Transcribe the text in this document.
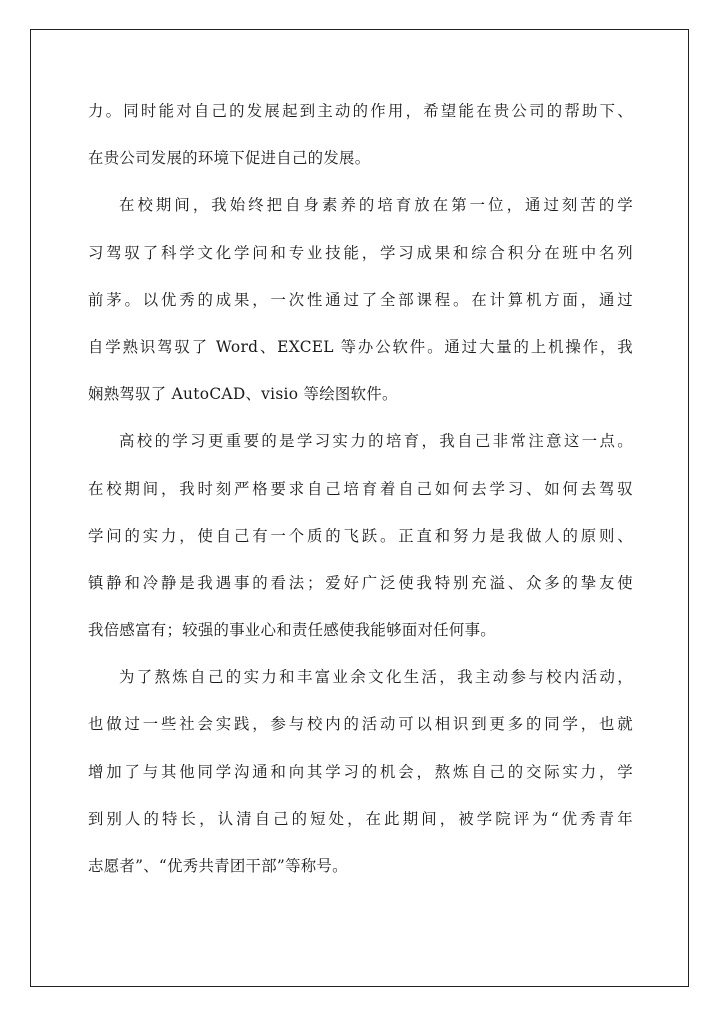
力。同时能对自己的发展起到主动的作用，希望能在贵公司的帮助下、
在贵公司发展的环境下促进自己的发展。
在校期间，我始终把自身素养的培育放在第一位，通过刻苦的学
习驾驭了科学文化学问和专业技能，学习成果和综合积分在班中名列
前茅。以优秀的成果，一次性通过了全部课程。在计算机方面，通过
自学熟识驾驭了 Word、EXCEL 等办公软件。通过大量的上机操作，我
娴熟驾驭了 AutoCAD、visio 等绘图软件。
高校的学习更重要的是学习实力的培育，我自己非常注意这一点。
在校期间，我时刻严格要求自己培育着自己如何去学习、如何去驾驭
学问的实力，使自己有一个质的飞跃。正直和努力是我做人的原则、
镇静和冷静是我遇事的看法；爱好广泛使我特别充溢、众多的挚友使
我倍感富有；较强的事业心和责任感使我能够面对任何事。
为了熬炼自己的实力和丰富业余文化生活，我主动参与校内活动，
也做过一些社会实践，参与校内的活动可以相识到更多的同学，也就
增加了与其他同学沟通和向其学习的机会，熬炼自己的交际实力，学
到别人的特长，认清自己的短处，在此期间，被学院评为“优秀青年
志愿者”、“优秀共青团干部”等称号。
